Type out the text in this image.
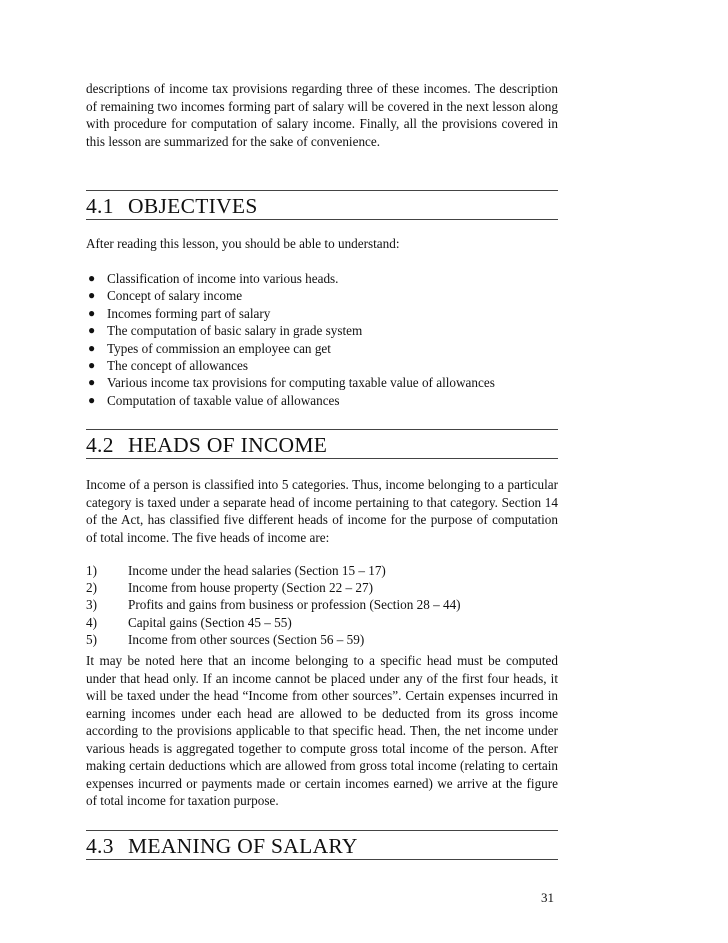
descriptions of income tax provisions regarding three of these incomes. The description of remaining two incomes forming part of salary will be covered in the next lesson along with procedure for computation of salary income. Finally, all the provisions covered in this lesson are summarized for the sake of convenience.

4.1 OBJECTIVES

After reading this lesson, you should be able to understand:

● Classification of income into various heads.
● Concept of salary income
● Incomes forming part of salary
● The computation of basic salary in grade system
● Types of commission an employee can get
● The concept of allowances
● Various income tax provisions for computing taxable value of allowances
● Computation of taxable value of allowances
4.2 HEADS OF INCOME

Income of a person is classified into 5 categories. Thus, income belonging to a particular category is taxed under a separate head of income pertaining to that category. Section 14 of the Act, has classified five different heads of income for the purpose of computation of total income. The five heads of income are:

1) Income under the head salaries (Section 15 – 17)
2) Income from house property (Section 22 – 27)
3) Profits and gains from business or profession (Section 28 – 44)
4) Capital gains (Section 45 – 55)
5) Income from other sources (Section 56 – 59)

It may be noted here that an income belonging to a specific head must be computed under that head only. If an income cannot be placed under any of the first four heads, it will be taxed under the head “Income from other sources”. Certain expenses incurred in earning incomes under each head are allowed to be deducted from its gross income according to the provisions applicable to that specific head. Then, the net income under various heads is aggregated together to compute gross total income of the person. After making certain deductions which are allowed from gross total income (relating to certain expenses incurred or payments made or certain incomes earned) we arrive at the figure of total income for taxation purpose.

4.3 MEANING OF SALARY
31
